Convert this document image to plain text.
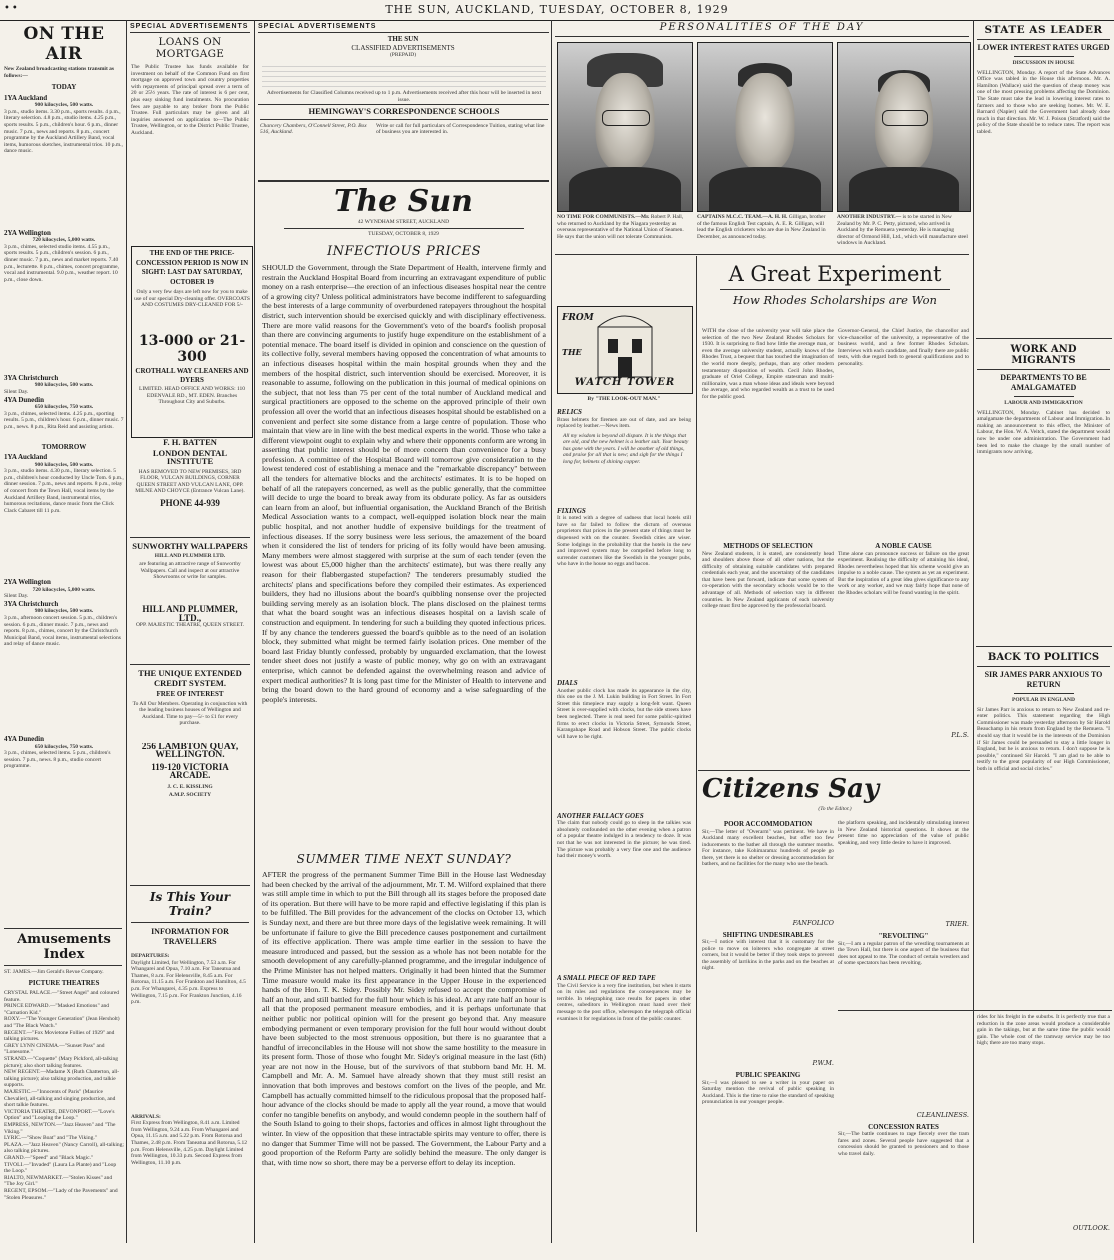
••	THE SUN, AUCKLAND, TUESDAY, OCTOBER 8, 1929
ON THE AIR
New Zealand broadcasting stations transmit as follows:—
TODAY
1YA Auckland
900 kilocycles, 500 watts.
3 p.m., studio items. 3.30 p.m., sports results. 4 p.m., literary selection. 4.8 p.m., studio items. 4.25 p.m., sports results. 5 p.m., children's hour. 6 p.m., dinner music. 7 p.m., news and reports. 8 p.m., concert programme by the Auckland Artillery Band, vocal items, humorous sketches, instrumental trios. 10 p.m., dance music.
2YA Wellington
720 kilocycles, 5,000 watts.
3 p.m., chimes, selected studio items. 4.55 p.m., sports results. 5 p.m., children's session. 6 p.m., dinner music. 7 p.m., news and market reports. 7.40 p.m., lecturette. 8 p.m., chimes, concert programme, vocal and instrumental. 9.0 p.m., weather report. 10 p.m., close down.
3YA Christchurch
980 kilocycles, 500 watts.
Silent Day.
4YA Dunedin
650 kilocycles, 750 watts.
3 p.m., chimes, selected items. 4.25 p.m., sporting results. 5 p.m., children's hour. 6 p.m., dinner music. 7 p.m., news. 8 p.m., Rita Reid and assisting artists.
TOMORROW
1YA Auckland
900 kilocycles, 500 watts.
3 p.m., studio items. 4.30 p.m., literary selection. 5 p.m., children's hour conducted by Uncle Tom. 6 p.m., dinner session. 7 p.m., news and reports. 8 p.m., relay of concert from the Town Hall, vocal items by the Auckland Artillery Band, instrumental trios, humorous recitations, dance music from the Click Clack Cabaret till 11 p.m.
2YA Wellington
720 kilocycles, 5,000 watts.
Silent Day.
3YA Christchurch
980 kilocycles, 500 watts.
3 p.m., afternoon concert session. 5 p.m., children's session. 6 p.m., dinner music. 7 p.m., news and reports. 8 p.m., chimes, concert by the Christchurch Municipal Band, vocal items, instrumental selections and relay of dance music.
4YA Dunedin
650 kilocycles, 750 watts.
3 p.m., chimes, selected items. 5 p.m., children's session. 7 p.m., news. 8 p.m., studio concert programme.
Amusements Index
ST. JAMES.—Jim Gerald's Revue Company.
PICTURE THEATRES
CRYSTAL PALACE.—"Street Angel" and coloured feature.
PRINCE EDWARD.—"Masked Emotions" and "Carnation Kid."
ROXY.—"The Younger Generation" (Jean Hersholt) and "The Black Watch."
REGENT.—"Fox Movietone Follies of 1929" and talking pictures.
GREY LYNN CINEMA.—"Sunset Pass" and "Lonesome."
STRAND.—"Coquette" (Mary Pickford, all-talking picture); also short talking features.
NEW REGENT.—Madame X (Ruth Chatterton, all-talking picture); also talking production, and talkie supports.
MAJESTIC.—"Innocents of Paris" (Maurice Chevalier), all-talking and singing production, and short talkie features.
VICTORIA THEATRE, DEVONPORT.—"Love's Option" and "Looping the Loop."
EMPRESS, NEWTON.—"Jazz Heaven" and "The Viking."
LYRIC.—"Show Boat" and "The Viking."
PLAZA.—"Jazz Heaven" (Nancy Carroll), all-talking; also talking pictures.
GRAND.—"Speed" and "Black Magic."
TIVOLI.—"Invaded" (Laura La Plante) and "Loop the Loop."
RIALTO, NEWMARKET.—"Stolen Kisses" and "The Joy Girl."
REGENT, EPSOM.—"Lady of the Pavements" and "Stolen Pleasures."
SPECIAL ADVERTISEMENTS
LOANS ON MORTGAGE
The Public Trustee has funds available for investment on behalf of the Common Fund on first mortgage on approved town and country properties with repayments of principal spread over a term of 20 or 25½ years. The rate of interest is 6 per cent, plus easy sinking fund instalments. No procuration fees are payable to any broker from the Public Trustee. Full particulars may be given and all inquiries answered on application to—The Public Trustee, Wellington, or to the District Public Trustee, Auckland.
THE END OF THE PRICE-CONCESSION PERIOD IS NOW IN SIGHT: LAST DAY SATURDAY, OCTOBER 19
Only a very few days are left now for you to make use of our special Dry-cleaning offer. OVERCOATS AND COSTUMES DRY-CLEANED FOR 5/-
13-000 or 21-300
CROTHALL WAY CLEANERS AND DYERS
LIMITED. HEAD OFFICE AND WORKS: 110 EDENVALE RD., MT. EDEN. Branches Throughout City and Suburbs.
F. H. BATTEN
LONDON DENTAL INSTITUTE
HAS REMOVED TO NEW PREMISES, 3RD FLOOR, VULCAN BUILDINGS, CORNER QUEEN STREET AND VULCAN LANE, OPP. MILNE AND CHOYCE (Entrance Vulcan Lane).
PHONE 44-939
SUNWORTHY WALLPAPERS
HILL AND PLUMMER LTD.
are featuring an attractive range of Sunworthy Wallpapers. Call and inspect at our attractive Showrooms or write for samples.
HILL AND PLUMMER, LTD.,
OPP. MAJESTIC THEATRE, QUEEN STREET.
THE UNIQUE EXTENDED CREDIT SYSTEM.
FREE OF INTEREST
To All Our Members. Operating in conjunction with the leading business houses of Wellington and Auckland. Time to pay—5/- to £1 for every purchase.
256 LAMBTON QUAY, WELLINGTON.
119-120 VICTORIA ARCADE.
J. C. E. KISSLING
A.M.P. SOCIETY
Is This Your Train?
INFORMATION FOR TRAVELLERS
DEPARTURES:
Daylight Limited, for Wellington, 7.53 a.m. For Whangarei and Opua, 7.10 a.m. For Taneatua and Thames, 8 a.m. For Helensville, 8.45 a.m. For Rotorua, 11.15 a.m. For Frankton and Hamilton, 4.5 p.m. For Whangarei, 4.35 p.m. Express to Wellington, 7.15 p.m. For Frankton Junction, 4.16 p.m.
ARRIVALS:
First Express from Wellington, 8.41 a.m. Limited from Wellington, 9.24 a.m. From Whangarei and Opua, 11.15 a.m. and 5.22 p.m. From Rotorua and Thames, 2.48 p.m. From Taneatua and Rotorua, 5.12 p.m. From Helensville, 4.25 p.m. Daylight Limited from Wellington, 10.33 p.m. Second Express from Wellington, 11.10 p.m.
SPECIAL ADVERTISEMENTS
THE SUN
CLASSIFIED ADVERTISEMENTS
(PREPAID)
Advertisements for Classified Columns received up to 1 p.m. Advertisements received after this hour will be inserted in next issue.
HEMINGWAY'S CORRESPONDENCE SCHOOLS
Chancery Chambers, O'Connell Street, P.O. Box 516, Auckland.
Write or call for full particulars of Correspondence Tuition, stating what line of business you are interested in.
The Sun
42 WYNDHAM STREET, AUCKLAND
TUESDAY, OCTOBER 8, 1929
INFECTIOUS PRICES
SHOULD the Government, through the State Department of Health, intervene firmly and restrain the Auckland Hospital Board from incurring an extravagant expenditure of public money on a rash enterprise—the erection of an infectious diseases hospital near the centre of a growing city? Unless political administrators have become indifferent to safeguarding the best interests of a large community of overburdened ratepayers throughout the hospital district, such intervention should be exercised quickly and with disciplinary effectiveness. There are more valid reasons for the Government's veto of the board's foolish proposal than there are convincing arguments to justify huge expenditure on the establishment of a potential menace. The board itself is divided in opinion and conscience on the question of its collective folly, several members having opposed the concentration of what amounts to an infectious diseases hospital within the main hospital grounds when they and the members of the hospital district, such intervention should be exercised. Moreover, it is reasonable to assume, following on the publication in this journal of medical opinions on the subject, that not less than 75 per cent of the total number of Auckland medical and surgical practitioners are opposed to the scheme on the approved principle of their own profession all over the world that an infectious diseases hospital should be established on a convenient and perfect site some distance from a large centre of population. Those who maintain that view are in line with the best medical experts in the world. Those who take a different viewpoint ought to explain why and where their opponents conform are wrong in asserting that public interest should be of more concern than convenience for a busy profession. A committee of the Hospital Board will tomorrow give consideration to the lowest tendered cost of establishing a menace and the "remarkable discrepancy" between all the tenders for alternative blocks and the architects' estimates. It is to be hoped on behalf of all the ratepayers concerned, as well as the public generally, that the committee will decide to urge the board to break away from its obdurate policy. As far as outsiders can learn from an aloof, but influential organisation, the Auckland Branch of the British Medical Association wants to a compact, well-equipped isolation block near the main public hospital, and not another huddle of expensive buildings for the treatment of infectious diseases. If the sorry business were less serious, the amazement of the board when it considered the list of tenders for pricing of its folly would have been amusing. Many members were almost staggered with surprise at the sum of each tender (even the lowest was about £5,000 higher than the architects' estimate), but was there really any reason for their flabbergasted stupefaction? The tenderers presumably studied the architects' plans and specifications before they compiled their estimates. As experienced builders, they had no illusions about the board's quibbling nonsense over the projected building serving merely as an isolation block. The plans disclosed on the plainest terms that what the board sought was an infectious diseases hospital on a lavish scale of construction and equipment. In tendering for such a building they quoted infectious prices. If by any chance the tenderers guessed the board's quibble as to the need of an isolation block, they submitted what might be termed fairly isolation prices. One member of the board last Friday bluntly confessed, probably by unguarded exclamation, that the lowest tender sheet does not justify a waste of public money, why go on with an extravagant enterprise, which cannot be defended against the overwhelming reason and advice of expert medical authorities? It is long past time for the Minister of Health to intervene and bring the board down to the hard ground of economy and a wise safeguarding of the people's interests.
SUMMER TIME NEXT SUNDAY?
AFTER the progress of the permanent Summer Time Bill in the House last Wednesday had been checked by the arrival of the adjournment, Mr. T. M. Wilford explained that there was still ample time in which to put the Bill through all its stages before the proposed date of its operation. But there will have to be more rapid and effective legislating if this plan is to be fulfilled. The Bill provides for the advancement of the clocks on October 13, which is Sunday next, and there are but three more days of the legislative week remaining. It will be unfortunate if failure to give the Bill precedence causes postponement and curtailment of its effective application. There was ample time earlier in the session to have the measure introduced and passed, but the session as a whole has not been notable for the smooth development of any carefully-planned programme, and the irregular indulgence of the Prime Minister has not helped matters. Originally it had been hinted that the Summer Time measure would make its first appearance in the Upper House in the experienced hands of the Hon. T. K. Sidey. Possibly Mr. Sidey refused to accept the compromise of half an hour, and still battled for the full hour which is his ideal. At any rate half an hour is all that the proposed permanent measure embodies, and it is perhaps unfortunate that neither public nor political opinion will for the present go beyond that. Any measure embodying permanent or even temporary provision for the full hour would without doubt have been subjected to the most strenuous opposition, but there is no guarantee that a handful of irreconcilables in the House will not show the same hostility to the measure in its present form. Those of those who fought Mr. Sidey's original measure in the last (6th) year are not now in the House, but of the survivors of that stubborn band Mr. H. M. Campbell and Mr. A. M. Samuel have already shown that they must still resist an innovation that both improves and bestows comfort on the lives of the people, and Mr. Campbell has actually committed himself to the ridiculous proposal that the proposed half-hour advance of the clocks should be made to apply all the year round, a move that would confer no tangible benefits on anybody, and would condemn people in the southern half of the South Island to going to their shops, factories and offices in almost light throughout the winter. In view of the opposition that these intractable spirits may venture to offer, there is no danger that Summer Time will not be passed. The Government, the Labour Party and a good proportion of the Reform Party are solidly behind the measure. The only danger is that, with time now so short, there may be a perverse effort to delay its inception.
PERSONALITIES OF THE DAY
NO TIME FOR COMMUNISTS.—Mr. Robert P. Hall, who returned to Auckland by the Niagara yesterday as overseas representative of the National Union of Seamen. He says that the union will not tolerate Communists.
CAPTAINS M.C.C. TEAM.—A. H. H. Gilligan, brother of the famous English Test captain, A. E. R. Gilligan, will lead the English cricketers who are due in New Zealand in December, as announced today.
ANOTHER INDUSTRY.— is to be started in New Zealand by Mr. P. C. Petty, pictured, who arrived in Auckland by the Remuera yesterday. He is managing director of Ormond Hill, Ltd., which will manufacture steel windows in Auckland.
FROM
THE
WATCH TOWER
By "THE LOOK-OUT MAN."
RELICS
Brass helmets for firemen are out of date, and are being replaced by leather.—News item.
All my wisdom is beyond all dispute. It is the things that are old, and the new helmet is a leather suit. Your beauty has gone with the years. I will be another of old things, and praise for all that is new; and sigh for the things I long for, helmets of shining copper.
FIXINGS
It is noted with a degree of sadness that local hotels still have so far failed to follow the dictum of overseas proprietors that prices in the present state of things must be dispensed with on the counter. Swedish cities are wiser. Some lodgings in the probability that the hotels in the new and improved system may be compelled before long to surrender customers like the Swedish in the younger pubs, who have in the house no eggs and bacon.
DIALS
Another public clock has made its appearance in the city, this one on the J. M. Lukin building in Fort Street. In Fort Street this timepiece may supply a long-felt want. Queen Street is over-supplied with clocks, but the side streets have been neglected. There is real need for some public-spirited firms to erect clocks in Victoria Street, Symonds Street, Karangahape Road and Hobson Street. The public clocks will have to be right.
ANOTHER FALLACY GOES
The claim that nobody could go to sleep in the talkies was absolutely confounded on the other evening when a patron of a popular theatre indulged in a tendency to doze. It was not that he was not interested in the picture; he was tired. The picture was probably a very fine one and the audience had their money's worth.
A SMALL PIECE OF RED TAPE
The Civil Service is a very fine institution, but when it starts on its rules and regulations the consequences may be terrible. In telegraphing race results for papers in other centres, subeditors in Wellington must hand over their message to the post office, whereupon the telegraph official examines it for regulations in front of the public counter.
A Great Experiment
How Rhodes Scholarships are Won
WITH the close of the university year will take place the selection of the two New Zealand Rhodes Scholars for 1930. It is surprising to find how little the average man, or even the average university student, actually knows of the Rhodes Trust, a bequest that has touched the imagination of the world more deeply, perhaps, than any other modern testamentary disposition of wealth. Cecil John Rhodes, graduate of Oriel College, Empire statesman and multi-millionaire, was a man whose ideas and ideals were beyond the average, and who regarded wealth as a trust to be used for the public good.
METHODS OF SELECTION
New Zealand students, it is stated, are consistently head and shoulders above those of all other nations, but the difficulty of obtaining suitable candidates with prepared credentials each year, and the uncertainty of the candidates that have been put forward, indicate that some system of co-operation with the secondary schools would be to the advantage of all. Methods of selection vary in different countries. In New Zealand applicants of each university college must first be approved by the professorial board.
Governor-General, the Chief Justice, the chancellor and vice-chancellor of the university, a representative of the business world, and a few former Rhodes Scholars. Interviews with each candidate, and finally there are public tests, with due regard both to general qualifications and to personality.
A NOBLE CAUSE
Time alone can pronounce success or failure on the great experiment. Realising the difficulty of attaining his ideal, Rhodes nevertheless hoped that his scheme would give an impulse to a noble cause. The system as yet an experiment. But the inspiration of a great idea gives significance to any work or any worker, and we may fairly hope that none of the Rhodes scholars will be found wanting in the spirit.
P.L.S.
Citizens Say
(To the Editor.)
POOR ACCOMMODATION
Sir,—The letter of "Overarm" was pertinent. We have in Auckland many excellent beaches, but offer too few inducements to the bather all through the summer months. For instance, take Kohimarama: hundreds of people go there, yet there is no shelter or dressing accommodation for bathers, and no facilities for the many who use the beach.
FANFOLICO
SHIFTING UNDESIRABLES
Sir,—I notice with interest that it is customary for the police to move on loiterers who congregate at street corners, but it would be better if they took steps to prevent the assembly of larrikins in the parks and on the beaches at night.
P.W.M.
PUBLIC SPEAKING
Sir,—I was pleased to see a writer in your paper on Saturday mention the revival of public speaking in Auckland. This is the time to raise the standard of speaking pronunciation in our younger people.
the platform speaking, and incidentally stimulating interest in New Zealand historical questions. It shows at the present time no appreciation of the value of public speaking, and very little desire to have it improved.
TRIER.
"REVOLTING"
Sir,—I am a regular patron of the wrestling tournaments at the Town Hall, but there is one aspect of the business that does not appeal to me. The conduct of certain wrestlers and of some spectators has been revolting.
CLEANLINESS.
CONCESSION RATES
Sir,—The battle continues to rage fiercely over the tram fares and zones. Several people have suggested that a concession should be granted to pensioners and to those who travel daily.
STATE AS LEADER
LOWER INTEREST RATES URGED
DISCUSSION IN HOUSE
WELLINGTON, Monday. A report of the State Advances Office was tabled in the House this afternoon. Mr. A. Hamilton (Wallace) said the question of cheap money was one of the most pressing problems affecting the Dominion. The State must take the lead in lowering interest rates to farmers and to those who are seeking homes. Mr. W. E. Barnard (Napier) said the Government had already done much in that direction. Mr. W. J. Poison (Stratford) said the policy of the State should be to reduce rates. The report was tabled.
WORK AND MIGRANTS
DEPARTMENTS TO BE AMALGAMATED
LABOUR AND IMMIGRATION
WELLINGTON, Monday. Cabinet has decided to amalgamate the departments of Labour and Immigration. In making an announcement to this effect, the Minister of Labour, the Hon. W. A. Veitch, stated the department would now be under one administration. The Government had been led to make the change by the small number of immigrants now arriving.
BACK TO POLITICS
SIR JAMES PARR ANXIOUS TO RETURN
POPULAR IN ENGLAND
Sir James Parr is anxious to return to New Zealand and re-enter politics. This statement regarding the High Commissioner was made yesterday afternoon by Sir Harold Beauchamp in his return from England by the Remuera. "I should say that it would be in the interests of the Dominion if Sir James could be persuaded to stay a little longer in England, but he is anxious to return. I don't suppose he is possible," continued Sir Harold. "I am glad to be able to testify to the great popularity of our High Commissioner, both in official and social circles."
rides for his freight in the suburbs. It is perfectly true that a reduction in the zone areas would produce a considerable gain in the takings, but at the same time the public would gain. The whole cost of the tramway service may be too high; there are too many stops.
OUTLOOK.
